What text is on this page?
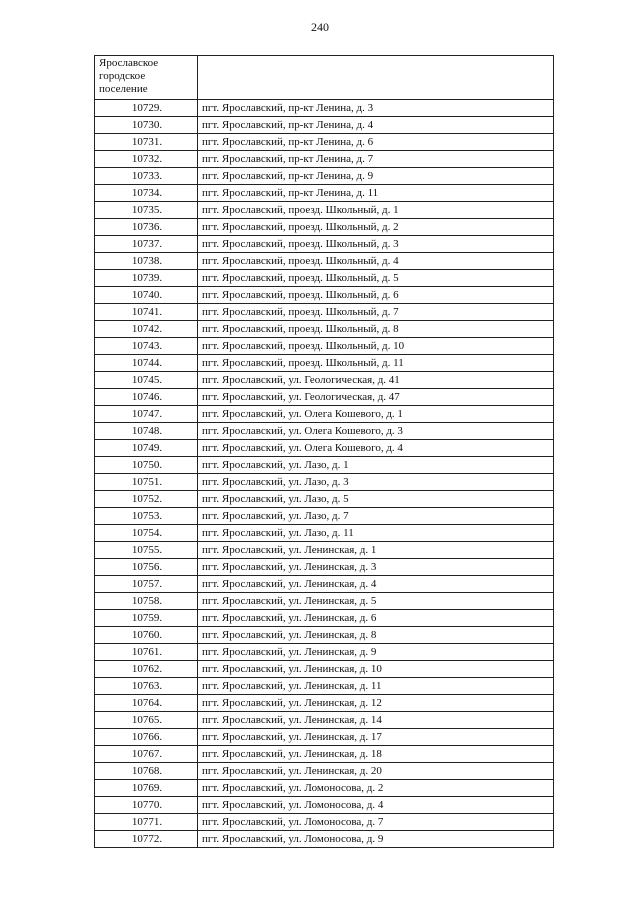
240
Ярославское
городское
поселение	
10729.	пгт. Ярославский, пр-кт Ленина, д. 3
10730.	пгт. Ярославский, пр-кт Ленина, д. 4
10731.	пгт. Ярославский, пр-кт Ленина, д. 6
10732.	пгт. Ярославский, пр-кт Ленина, д. 7
10733.	пгт. Ярославский, пр-кт Ленина, д. 9
10734.	пгт. Ярославский, пр-кт Ленина, д. 11
10735.	пгт. Ярославский, проезд. Школьный, д. 1
10736.	пгт. Ярославский, проезд. Школьный, д. 2
10737.	пгт. Ярославский, проезд. Школьный, д. 3
10738.	пгт. Ярославский, проезд. Школьный, д. 4
10739.	пгт. Ярославский, проезд. Школьный, д. 5
10740.	пгт. Ярославский, проезд. Школьный, д. 6
10741.	пгт. Ярославский, проезд. Школьный, д. 7
10742.	пгт. Ярославский, проезд. Школьный, д. 8
10743.	пгт. Ярославский, проезд. Школьный, д. 10
10744.	пгт. Ярославский, проезд. Школьный, д. 11
10745.	пгт. Ярославский, ул. Геологическая, д. 41
10746.	пгт. Ярославский, ул. Геологическая, д. 47
10747.	пгт. Ярославский, ул. Олега Кошевого, д. 1
10748.	пгт. Ярославский, ул. Олега Кошевого, д. 3
10749.	пгт. Ярославский, ул. Олега Кошевого, д. 4
10750.	пгт. Ярославский, ул. Лазо, д. 1
10751.	пгт. Ярославский, ул. Лазо, д. 3
10752.	пгт. Ярославский, ул. Лазо, д. 5
10753.	пгт. Ярославский, ул. Лазо, д. 7
10754.	пгт. Ярославский, ул. Лазо, д. 11
10755.	пгт. Ярославский, ул. Ленинская, д. 1
10756.	пгт. Ярославский, ул. Ленинская, д. 3
10757.	пгт. Ярославский, ул. Ленинская, д. 4
10758.	пгт. Ярославский, ул. Ленинская, д. 5
10759.	пгт. Ярославский, ул. Ленинская, д. 6
10760.	пгт. Ярославский, ул. Ленинская, д. 8
10761.	пгт. Ярославский, ул. Ленинская, д. 9
10762.	пгт. Ярославский, ул. Ленинская, д. 10
10763.	пгт. Ярославский, ул. Ленинская, д. 11
10764.	пгт. Ярославский, ул. Ленинская, д. 12
10765.	пгт. Ярославский, ул. Ленинская, д. 14
10766.	пгт. Ярославский, ул. Ленинская, д. 17
10767.	пгт. Ярославский, ул. Ленинская, д. 18
10768.	пгт. Ярославский, ул. Ленинская, д. 20
10769.	пгт. Ярославский, ул. Ломоносова, д. 2
10770.	пгт. Ярославский, ул. Ломоносова, д. 4
10771.	пгт. Ярославский, ул. Ломоносова, д. 7
10772.	пгт. Ярославский, ул. Ломоносова, д. 9
